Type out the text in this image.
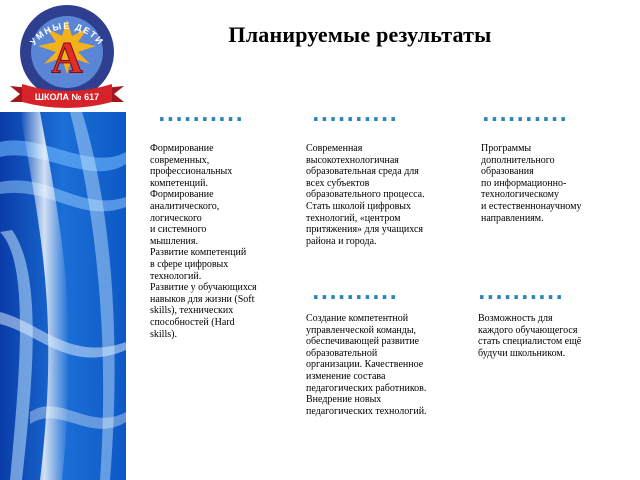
А
УМНЫЕ ДЕТИ
ШКОЛА № 617
Планируемые результаты
..........	..........	..........
..........	..........
Формирование
современных,
профессиональных
компетенций.
Формирование
аналитического,
логического
и системного
мышления.
Развитие компетенций
в сфере цифровых
технологий.
Развитие у обучающихся
навыков для жизни (Soft
skills), технических
способностей (Hard
skills).
Современная
высокотехнологичная
образовательная среда для
всех субъектов
образовательного процесса.
Стать школой цифровых
технологий, «центром
притяжения» для учащихся
района и города.
Программы
дополнительного
образования
по информационно-
технологическому
и естественнонаучному
направлениям.
Создание компетентной
управленческой команды,
обеспечивающей развитие
образовательной
организации. Качественное
изменение состава
педагогических работников.
Внедрение новых
педагогических технологий.
Возможность для
каждого обучающегося
стать специалистом ещё
будучи школьником.
